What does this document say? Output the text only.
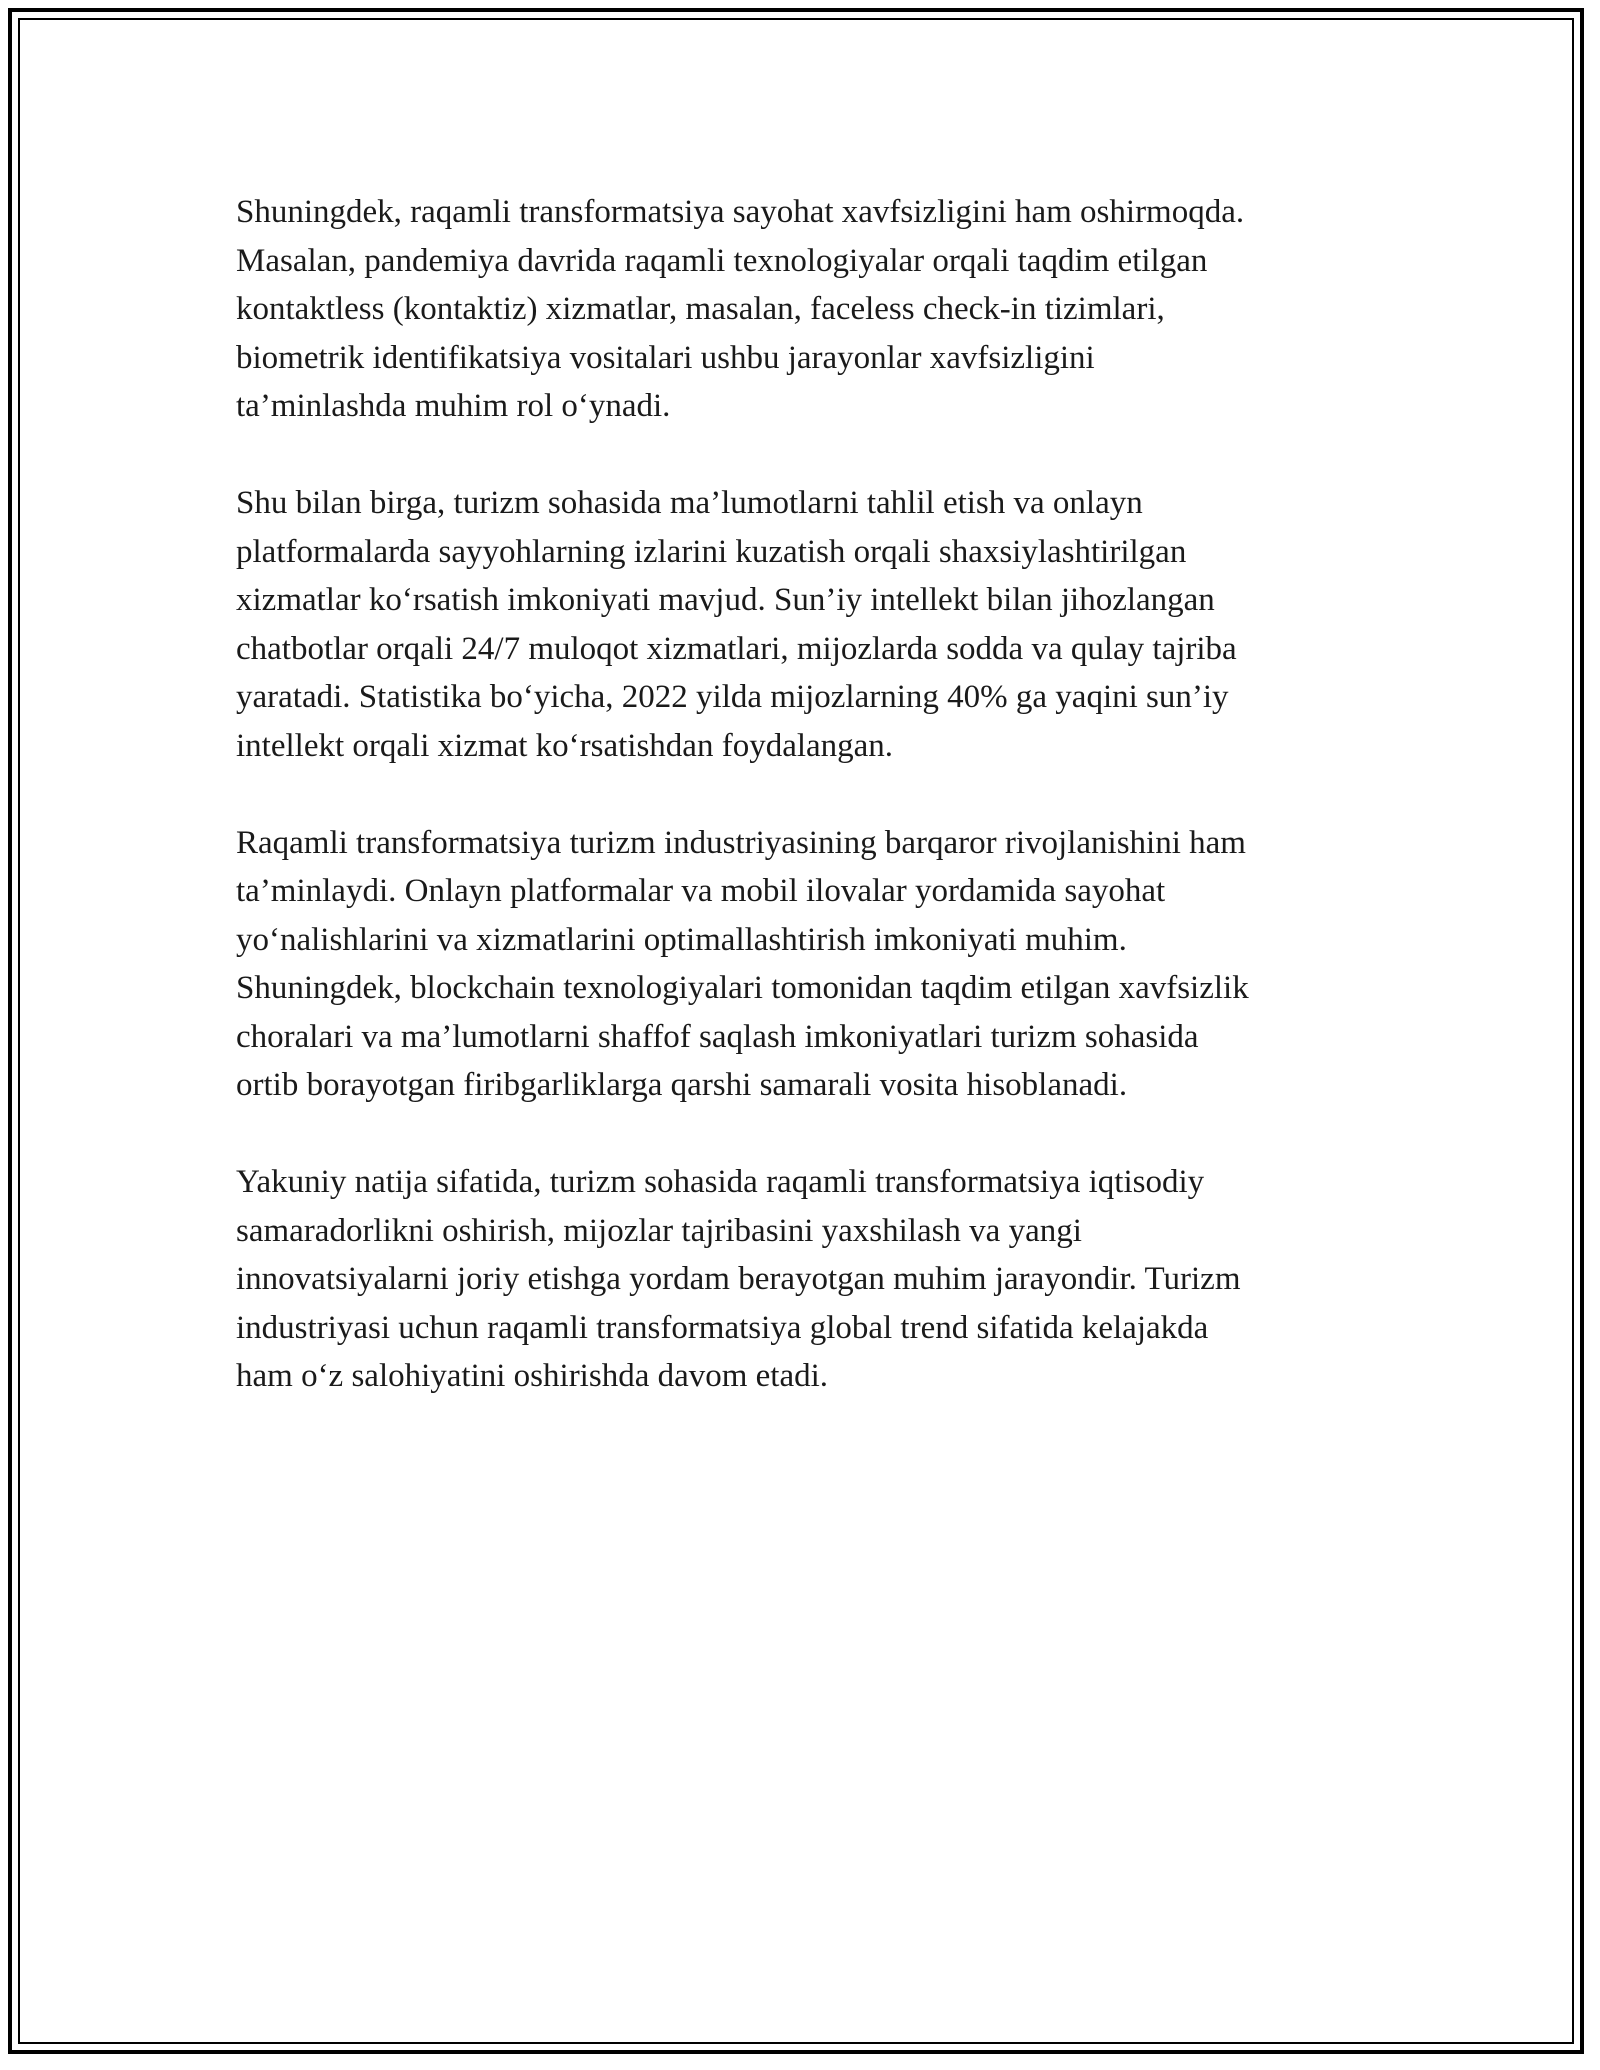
Shuningdek, raqamli transformatsiya sayohat xavfsizligini ham oshirmoqda.
Masalan, pandemiya davrida raqamli texnologiyalar orqali taqdim etilgan
kontaktless (kontaktiz) xizmatlar, masalan, faceless check-in tizimlari,
biometrik identifikatsiya vositalari ushbu jarayonlar xavfsizligini
ta’minlashda muhim rol o‘ynadi.

Shu bilan birga, turizm sohasida ma’lumotlarni tahlil etish va onlayn
platformalarda sayyohlarning izlarini kuzatish orqali shaxsiylashtirilgan
xizmatlar ko‘rsatish imkoniyati mavjud. Sun’iy intellekt bilan jihozlangan
chatbotlar orqali 24/7 muloqot xizmatlari, mijozlarda sodda va qulay tajriba
yaratadi. Statistika bo‘yicha, 2022 yilda mijozlarning 40% ga yaqini sun’iy
intellekt orqali xizmat ko‘rsatishdan foydalangan.

Raqamli transformatsiya turizm industriyasining barqaror rivojlanishini ham
ta’minlaydi. Onlayn platformalar va mobil ilovalar yordamida sayohat
yo‘nalishlarini va xizmatlarini optimallashtirish imkoniyati muhim.
Shuningdek, blockchain texnologiyalari tomonidan taqdim etilgan xavfsizlik
choralari va ma’lumotlarni shaffof saqlash imkoniyatlari turizm sohasida
ortib borayotgan firibgarliklarga qarshi samarali vosita hisoblanadi.

Yakuniy natija sifatida, turizm sohasida raqamli transformatsiya iqtisodiy
samaradorlikni oshirish, mijozlar tajribasini yaxshilash va yangi
innovatsiyalarni joriy etishga yordam berayotgan muhim jarayondir. Turizm
industriyasi uchun raqamli transformatsiya global trend sifatida kelajakda
ham o‘z salohiyatini oshirishda davom etadi.
